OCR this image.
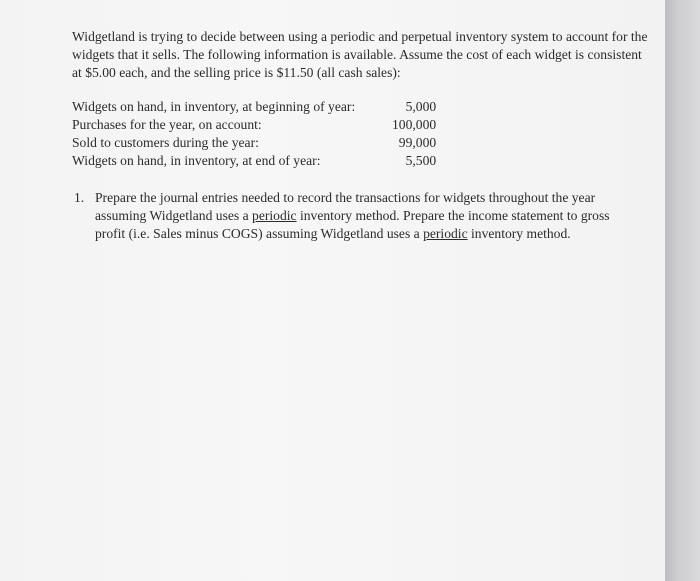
Widgetland is trying to decide between using a periodic and perpetual inventory system to account for the widgets that it sells. The following information is available. Assume the cost of each widget is consistent at $5.00 each, and the selling price is $11.50 (all cash sales):

Widgets on hand, in inventory, at beginning of year:	5,000
Purchases for the year, on account:	100,000
Sold to customers during the year:	99,000
Widgets on hand, in inventory, at end of year:	5,500
1. Prepare the journal entries needed to record the transactions for widgets throughout the year assuming Widgetland uses a periodic inventory method. Prepare the income statement to gross profit (i.e. Sales minus COGS) assuming Widgetland uses a periodic inventory method.
